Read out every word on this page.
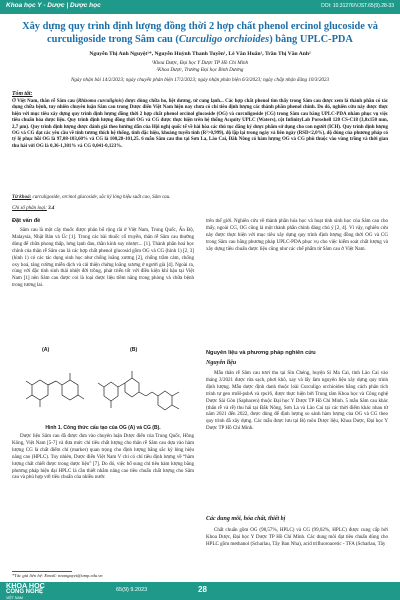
Khoa học Y - Dược | Dược học	DOI: 10.31276/VJST.65(9).28-33
Xây dựng quy trình định lượng đồng thời 2 hợp chất phenol ercinol glucoside và curculigoside trong Sâm cau (Curculigo orchioides) bằng UPLC-PDA
Nguyễn Thị Anh Nguyệt¹*, Nguyễn Huỳnh Thanh Tuyền¹, Lê Văn Huấn¹, Trần Thị Văn Anh²
¹Khoa Dược, Đại học Y Dược TP Hồ Chí Minh
²Khoa Dược, Trường Đại học Bình Dương
Ngày nhận bài 14/2/2023; ngày chuyển phản biện 17/2/2023; ngày nhận phản biện 6/3/2023; ngày chấp nhận đăng 10/3/2023
Tóm tắt:

Ở Việt Nam, thân rễ Sâm cau (Rhizoma curculiginis) được dùng chữa ho, liệt dương, tử cung lạnh... Các hợp chất phenol tìm thấy trong Sâm cau được xem là thành phần có tác dụng chữa bệnh, tuy nhiên chuyên luận Sâm cau trong Dược điển Việt Nam hiện nay chưa có chỉ tiêu định lượng các thành phần phenol chính. Do đó, nghiên cứu này được thực hiện với mục tiêu xây dựng quy trình định lượng đồng thời 2 hợp chất phenol orcinol glucoside (OG) và curculigoside (CG) trong Sâm cau bằng UPLC-PDA nhằm phục vụ việc tiêu chuẩn hóa dược liệu. Quy trình định lượng đồng thời OG và CG được thực hiện trên hệ thống Acquity UPLC (Waters), cột InfinityLab Poroshell 120 CS-C18 (3,0x150 mm, 2,7 µm). Quy trình định lượng được đánh giá theo hướng dẫn của Hội nghị quốc tế về hài hòa các thủ tục đăng ký dược phẩm sử dụng cho con người (ICH). Quy trình định lượng OG và CG đạt các yêu cầu về tính tương thích hệ thống, tính đặc hiệu, khoảng tuyến tính (R²>0,999), độ lặp lại trong ngày và liên ngày (RSD<2,0%), độ đúng của phương pháp có tỷ lệ phục hồi OG là 97,08-103,60% và CG là 100,28-101,25. 6 mẫu Sâm cau thu tại Sơn La, Lào Cai, Đắk Nông có hàm lượng OG và CG phù thuộc vào vùng trồng và thời gian thu hái với OG là 0,36-1,301% và CG 0,041-0,123%.

Từ khoá: curculigoside, orcinol glucoside, sắc ký lỏng hiệu suất cao, Sâm cau.
Chỉ số phân loại: 3.4
Đặt vấn đề

Sâm cau là một cây thuốc được phân bố rộng rãi ở Việt Nam, Trung Quốc, Ấn Độ, Malaysia, Nhật Bản và Úc [1]. Trong các bài thuốc cổ truyền, thân rễ Sâm cau thường dùng để chữa phong thấp, lưng lạnh đau, thần kinh suy nhược... [1]. Thành phần hoá học chính của thân rễ Sâm cau là các hợp chất phenol glucosid gồm OG và CG (hình 1) [2, 3] (hình 1) có các tác dụng sinh học như chống loãng xương [2], chống trầm cảm, chống oxy hoá, tăng cường miễn dịch và cải thiện chứng loãng xương ở người già [4]. Ngoài ra, cùng với đặc tính sinh thái nhiệt đới trồng, phát triển tốt với điều kiện khí hậu tại Việt Nam [1] nên Sâm cau được coi là loại dược liệu tiềm năng trong phòng và chữa bệnh trong tương lai.

(A)	(B)
Hình 1. Công thức cấu tạo của OG (A) và CG (B).

Dược liệu Sâm cau đã được đưa vào chuyên luận Dược điển của Trung Quốc, Hồng Kông, Việt Nam [5-7] và đưa mức chỉ tiêu chất lượng cho thân rễ Sâm cau dựa vào hàm lượng CG là chất điểm chỉ (marker) quan trọng cho định lượng bằng sắc ký lỏng hiệu năng cao (HPLC). Tuy nhiên, Dược điển Việt Nam V chỉ có chỉ tiêu định lượng về “hàm lượng chất chiết được trong dược liệu” [7]. Do đó, việc bổ sung chỉ tiêu hàm lượng bằng phương pháp hiện đại HPLC là cần thiết nhằm nâng cao tiêu chuẩn chất lượng cho Sâm cau và phù hợp với tiêu chuẩn của nhiều nước

trên thế giới. Nghiên cứu về thành phần hóa học và hoạt tính sinh học của Sâm cau cho thấy, ngoài CG, OG cũng là một thành phần chính đáng chú ý [2, 4]. Vì vậy, nghiên cứu này được thực hiện với mục tiêu xây dựng quy trình định lượng đồng thời OG và CG trong Sâm cau bằng phương pháp UPLC-PDA phục vụ cho việc kiểm soát chất lượng và xây dựng tiêu chuẩn dược liệu cũng như các chế phẩm từ Sâm cau ở Việt Nam.

Nguyên liệu và phương pháp nghiên cứu
Nguyên liệu

Mẫu thân rễ Sâm cau tươi thu tại Sìn Chéng, huyện Si Ma Cai, tỉnh Lào Cai vào tháng 3/2021 được rửa sạch, phơi khô, xay và lấy làm nguyên liệu xây dựng quy trình định lượng. Mẫu dược định danh thuộc loài Curculigo orchioides bằng cách phân tích trình tự gen rmH-psbA và rps16, được thực hiện bởi Trung tâm Khoa học và Công nghệ Dược Sài Gòn (Saphacen) thuộc Đại học Y Dược TP Hồ Chí Minh. 5 mẫu Sâm cau khác (thân rễ và rễ) thu hái tại Đắk Nông, Sơn La và Lào Cai tại các thời điểm khác nhau từ năm 2021 đến 2022, được dùng để định lượng so sánh hàm lượng của OG và CG theo quy trình đã xây dựng. Các mẫu được lưu tại Bộ môn Dược liệu, Khoa Dược, Đại học Y Dược TP Hồ Chí Minh.

Các dung môi, hóa chất, thiết bị

Chất chuẩn gồm OG (98,57%, HPLC) và CG (99,02%, HPLC) được cung cấp bởi Khoa Dược, Đại học Y Dược TP Hồ Chí Minh. Các dung môi đạt tiêu chuẩn dùng cho HPLC gồm methanol (Scharlau, Tây Ban Nha), acid trifluoroacetic - TFA (Scharlau, Tây

*Tác giả liên hệ: Email: nnanguyet@ump.edu.vn
65(9) 9.2023	28
KHOA HỌC
CÔNG NGHỆ
VIỆT NAM
